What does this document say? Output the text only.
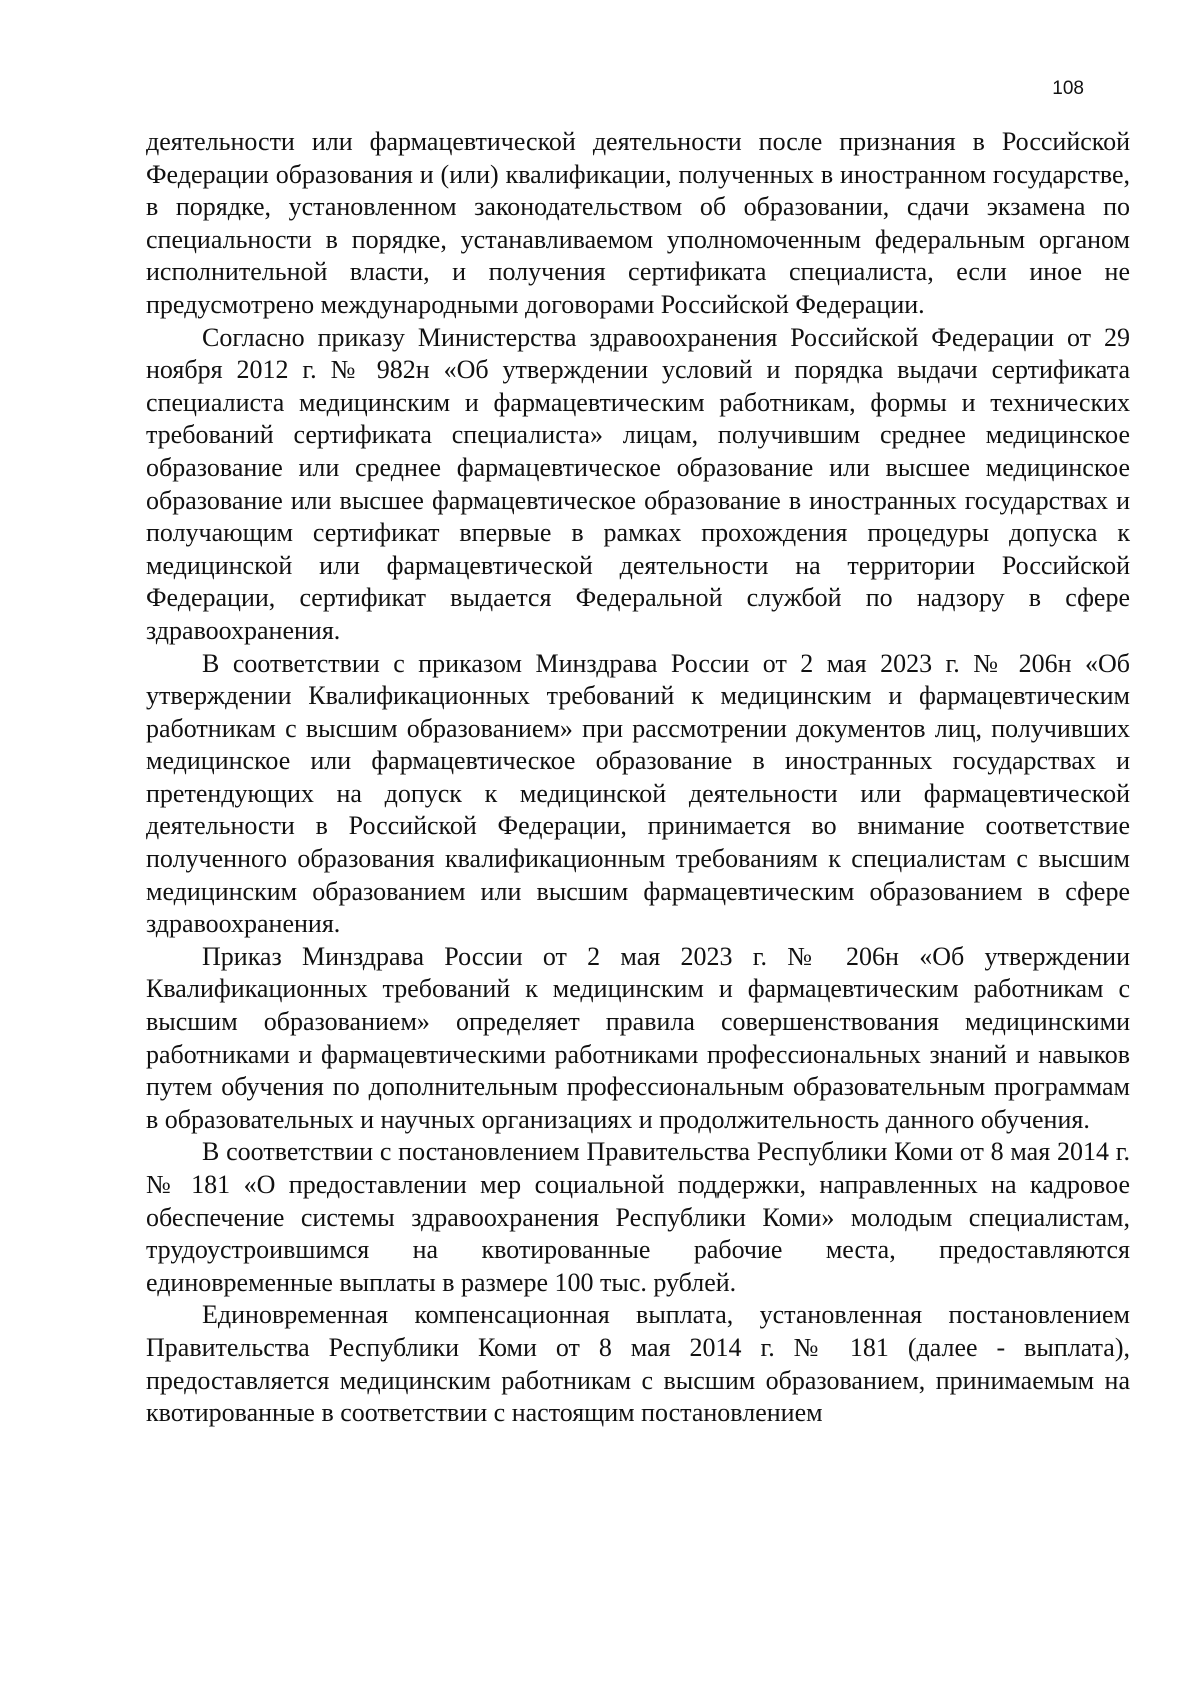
108

деятельности или фармацевтической деятельности после признания в Российской Федерации образования и (или) квалификации, полученных в иностранном государстве, в порядке, установленном законодательством об образовании, сдачи экзамена по специальности в порядке, устанавливаемом уполномоченным федеральным органом исполнительной власти, и получения сертификата специалиста, если иное не предусмотрено международными договорами Российской Федерации.

Согласно приказу Министерства здравоохранения Российской Федерации от 29 ноября 2012 г. № 982н «Об утверждении условий и порядка выдачи сертификата специалиста медицинским и фармацевтическим работникам, формы и технических требований сертификата специалиста» лицам, получившим среднее медицинское образование или среднее фармацевтическое образование или высшее медицинское образование или высшее фармацевтическое образование в иностранных государствах и получающим сертификат впервые в рамках прохождения процедуры допуска к медицинской или фармацевтической деятельности на территории Российской Федерации, сертификат выдается Федеральной службой по надзору в сфере здравоохранения.

В соответствии с приказом Минздрава России от 2 мая 2023 г. № 206н «Об утверждении Квалификационных требований к медицинским и фармацевтическим работникам с высшим образованием» при рассмотрении документов лиц, получивших медицинское или фармацевтическое образование в иностранных государствах и претендующих на допуск к медицинской деятельности или фармацевтической деятельности в Российской Федерации, принимается во внимание соответствие полученного образования квалификационным требованиям к специалистам с высшим медицинским образованием или высшим фармацевтическим образованием в сфере здравоохранения.

Приказ Минздрава России от 2 мая 2023 г. № 206н «Об утверждении Квалификационных требований к медицинским и фармацевтическим работникам с высшим образованием» определяет правила совершенствования медицинскими работниками и фармацевтическими работниками профессиональных знаний и навыков путем обучения по дополнительным профессиональным образовательным программам в образовательных и научных организациях и продолжительность данного обучения.

В соответствии с постановлением Правительства Республики Коми от 8 мая 2014 г. № 181 «О предоставлении мер социальной поддержки, направленных на кадровое обеспечение системы здравоохранения Республики Коми» молодым специалистам, трудоустроившимся на квотированные рабочие места, предоставляются единовременные выплаты в размере 100 тыс. рублей.

Единовременная компенсационная выплата, установленная постановлением Правительства Республики Коми от 8 мая 2014 г. № 181 (далее - выплата), предоставляется медицинским работникам с высшим образованием, принимаемым на квотированные в соответствии с настоящим постановлением
